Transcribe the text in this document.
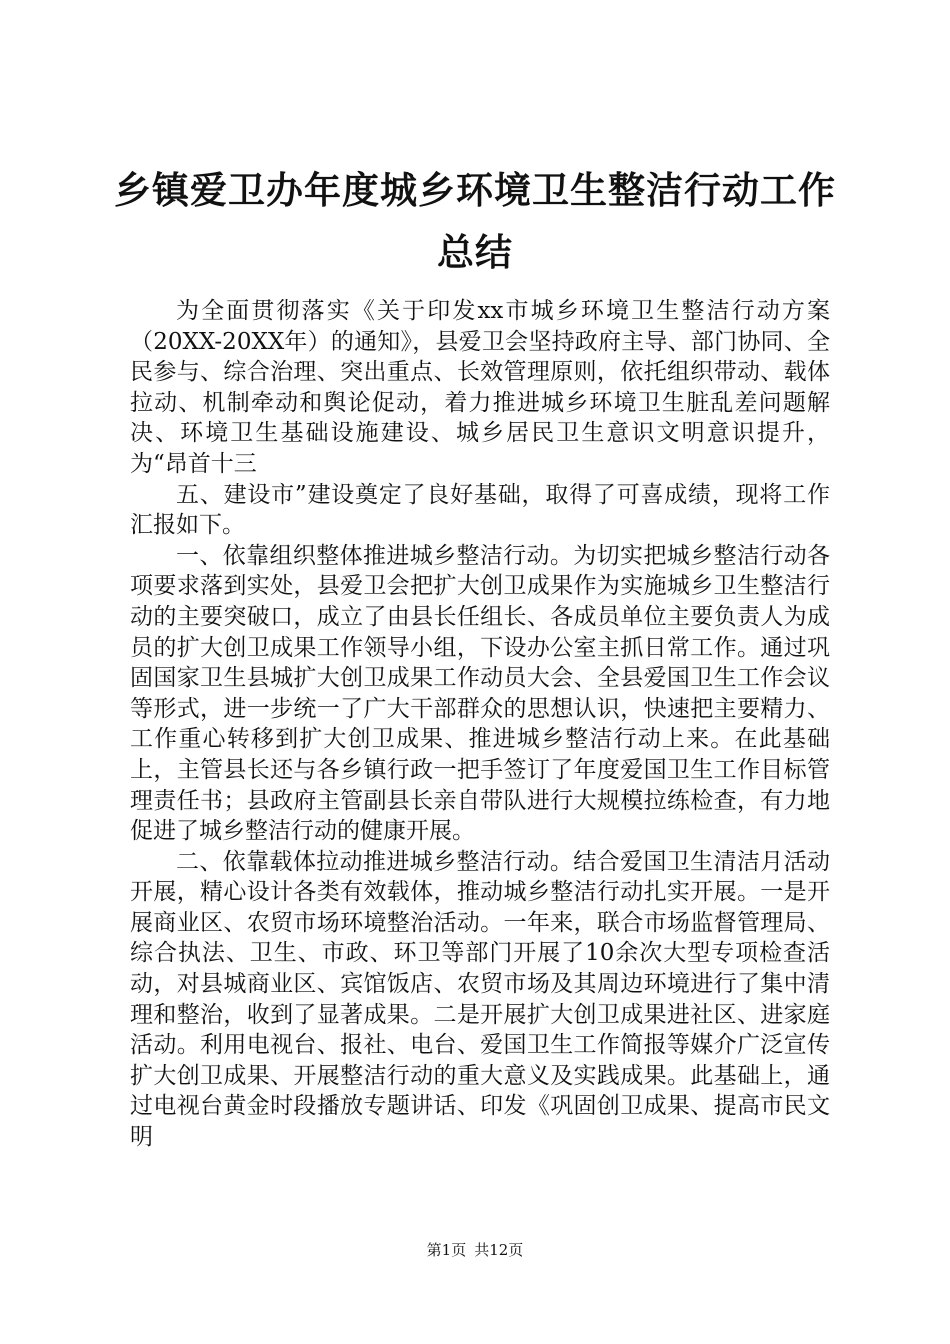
乡镇爱卫办年度城乡环境卫生整洁行动工作总结

为全面贯彻落实《关于印发xx市城乡环境卫生整洁行动方案（20XX-20XX年）的通知》，县爱卫会坚持政府主导、部门协同、全民参与、综合治理、突出重点、长效管理原则，依托组织带动、载体拉动、机制牵动和舆论促动，着力推进城乡环境卫生脏乱差问题解决、环境卫生基础设施建设、城乡居民卫生意识文明意识提升，为“昂首十三

五、建设市”建设奠定了良好基础，取得了可喜成绩，现将工作汇报如下。

一、依靠组织整体推进城乡整洁行动。为切实把城乡整洁行动各项要求落到实处，县爱卫会把扩大创卫成果作为实施城乡卫生整洁行动的主要突破口，成立了由县长任组长、各成员单位主要负责人为成员的扩大创卫成果工作领导小组，下设办公室主抓日常工作。通过巩固国家卫生县城扩大创卫成果工作动员大会、全县爱国卫生工作会议等形式，进一步统一了广大干部群众的思想认识，快速把主要精力、工作重心转移到扩大创卫成果、推进城乡整洁行动上来。在此基础上，主管县长还与各乡镇行政一把手签订了年度爱国卫生工作目标管理责任书；县政府主管副县长亲自带队进行大规模拉练检查，有力地促进了城乡整洁行动的健康开展。

二、依靠载体拉动推进城乡整洁行动。结合爱国卫生清洁月活动开展，精心设计各类有效载体，推动城乡整洁行动扎实开展。一是开展商业区、农贸市场环境整治活动。一年来，联合市场监督管理局、综合执法、卫生、市政、环卫等部门开展了10余次大型专项检查活动，对县城商业区、宾馆饭店、农贸市场及其周边环境进行了集中清理和整治，收到了显著成果。二是开展扩大创卫成果进社区、进家庭活动。利用电视台、报社、电台、爱国卫生工作简报等媒介广泛宣传扩大创卫成果、开展整洁行动的重大意义及实践成果。此基础上，通过电视台黄金时段播放专题讲话、印发《巩固创卫成果、提高市民文明

第1页 共12页
